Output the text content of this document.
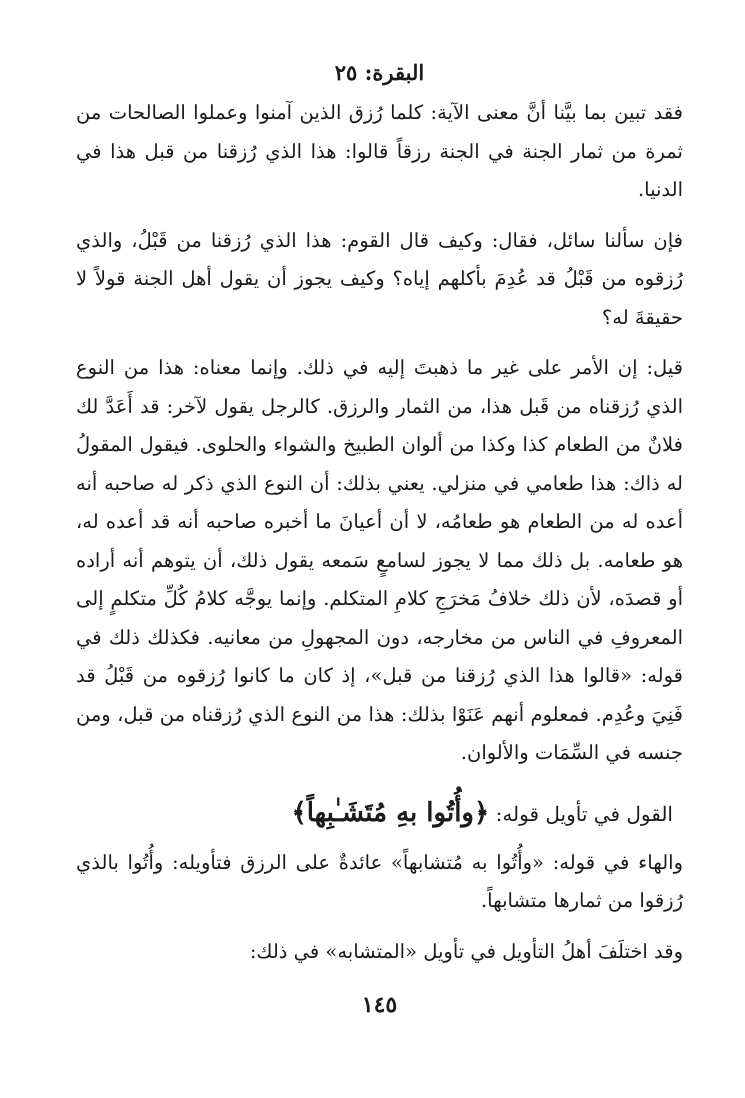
البقرة: ٢٥

فقد تبين بما بيَّنا أنَّ معنى الآية: كلما رُزق الذين آمنوا وعملوا الصالحات من ثمرة من ثمار الجنة في الجنة رزقاً قالوا: هذا الذي رُزقنا من قبل هذا في الدنيا.

فإن سألنا سائل، فقال: وكيف قال القوم: هذا الذي رُزقنا من قَبْلُ، والذي رُزقوه من قَبْلُ قد عُدِمَ بأكلهم إياه؟ وكيف يجوز أن يقول أهل الجنة قولاً لا حقيقةَ له؟

قيل: إن الأمر على غير ما ذهبتَ إليه في ذلك. وإنما معناه: هذا من النوع الذي رُزقناه من قَبل هذا، من الثمار والرزق. كالرجل يقول لآخر: قد أَعَدَّ لك فلانٌ من الطعام كذا وكذا من ألوان الطبيخ والشواء والحلوى. فيقول المقولُ له ذاك: هذا طعامي في منزلي. يعني بذلك: أن النوع الذي ذكر له صاحبه أنه أعده له من الطعام هو طعامُه، لا أن أعيانَ ما أخبره صاحبه أنه قد أعده له، هو طعامه. بل ذلك مما لا يجوز لسامعٍ سَمعه يقول ذلك، أن يتوهم أنه أراده أو قصدَه، لأن ذلك خلافُ مَخرَجِ كلامِ المتكلم. وإنما يوجَّه كلامُ كُلِّ متكلمٍ إلى المعروفِ في الناس من مخارجه، دون المجهولِ من معانيه. فكذلك ذلك في قوله: «قالوا هذا الذي رُزقنا من قبل»، إذ كان ما كانوا رُزقوه من قَبْلُ قد فَنِيَ وعُدِم. فمعلوم أنهم عَنَوْا بذلك: هذا من النوع الذي رُزقناه من قبل، ومن جنسه في السِّمَات والألوان.

القول في تأويل قوله: ﴿وأُتُوا بهِ مُتَشَـٰبِهاً﴾

والهاء في قوله: «وأُتُوا به مُتشابهاً» عائدةٌ على الرزق فتأويله: وأُتُوا بالذي رُزقوا من ثمارها متشابهاً.

وقد اختلَفَ أهلُ التأويل في تأويل «المتشابه» في ذلك:

١٤٥
